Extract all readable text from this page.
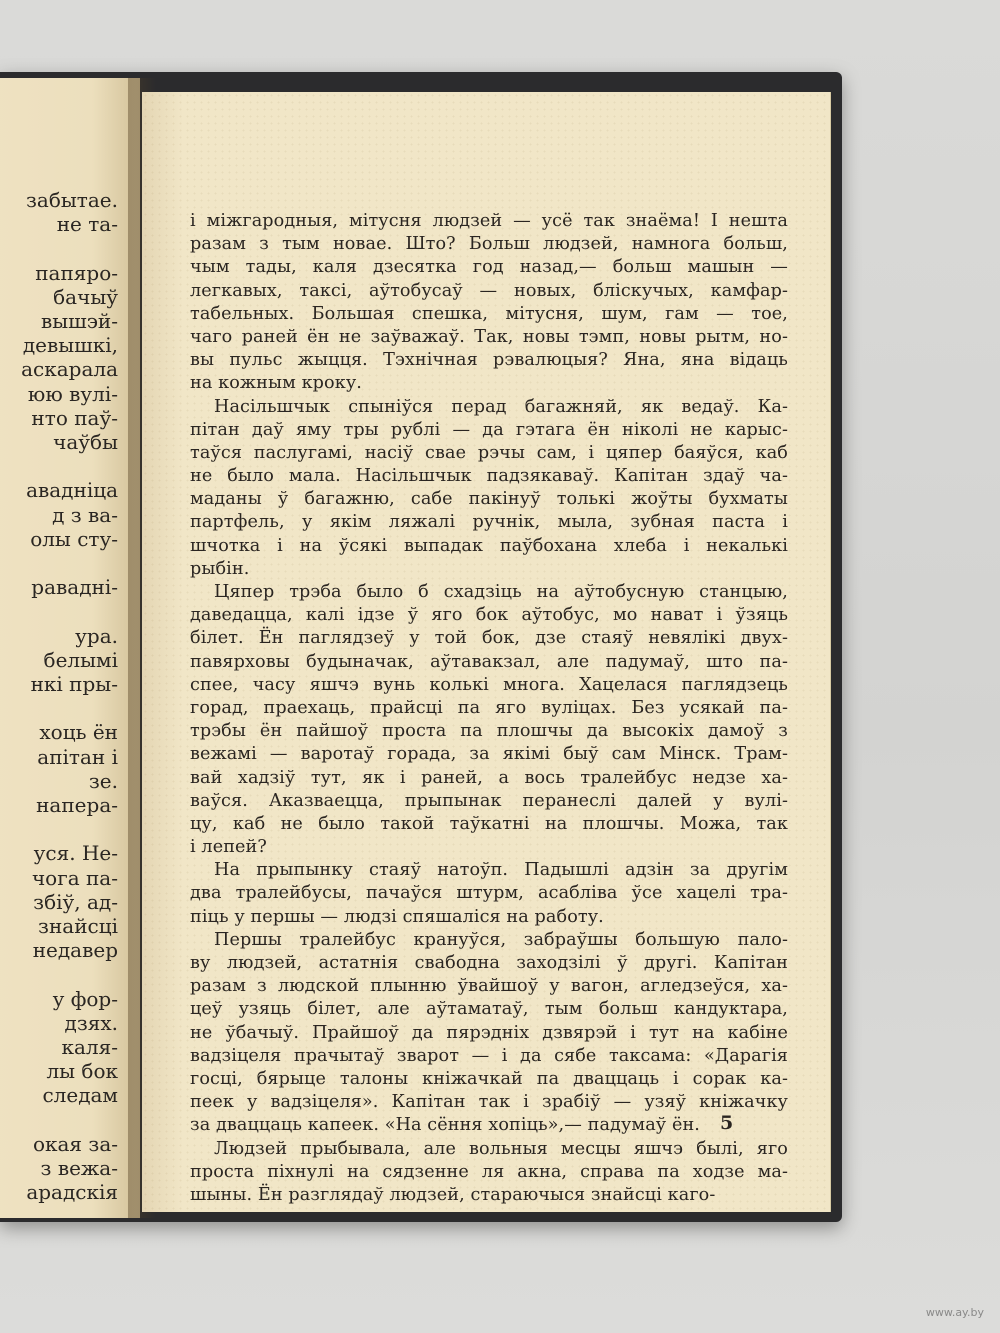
забытае.
не та-
папяро-
бачыў
вышэй-
девышкі,
аскарала
юю вулі-
нто паў-
чаўбы
авадніца
д з ва-
олы сту-
равадні-
ура.
белымі
нкі пры-
хоць ён
апітан і
зе.
напера-
уся. Не-
чога па-
збіў, ад-
знайсці
недавер
у фор-
дзях.
каля-
лы бок
следам
окая за-
з вежа-
арадскія
і міжгародныя, мітусня людзей — усё так знаёма! І нешта
разам з тым новае. Што? Больш людзей, намнога больш,
чым тады, каля дзесятка год назад,— больш машын —
легкавых, таксі, аўтобусаў — новых, бліскучых, камфар-
табельных. Большая спешка, мітусня, шум, гам — тое,
чаго раней ён не заўважаў. Так, новы тэмп, новы рытм, но-
вы пульс жыцця. Тэхнічная рэвалюцыя? Яна, яна відаць
на кожным кроку.
Насільшчык спыніўся перад багажняй, як ведаў. Ка-
пітан даў яму тры рублі — да гэтага ён ніколі не карыс-
таўся паслугамі, насіў свае рэчы сам, і цяпер баяўся, каб
не было мала. Насільшчык падзякаваў. Капітан здаў ча-
маданы ў багажню, сабе пакінуў толькі жоўты бухматы
партфель, у якім ляжалі ручнік, мыла, зубная паста і
шчотка і на ўсякі выпадак паўбохана хлеба і некалькі
рыбін.
Цяпер трэба было б схадзіць на аўтобусную станцыю,
даведацца, калі ідзе ў яго бок аўтобус, мо нават і ўзяць
білет. Ён паглядзеў у той бок, дзе стаяў невялікі двух-
павярховы будыначак, аўтавакзал, але падумаў, што па-
спее, часу яшчэ вунь колькі многа. Хацелася паглядзець
горад, праехаць, прайсці па яго вуліцах. Без усякай па-
трэбы ён пайшоў проста па плошчы да высокіх дамоў з
вежамі — варотаў горада, за якімі быў сам Мінск. Трам-
вай хадзіў тут, як і раней, а вось тралейбус недзе ха-
ваўся. Аказваецца, прыпынак перанеслі далей у вулі-
цу, каб не было такой таўкатні на плошчы. Можа, так
і лепей?
На прыпынку стаяў натоўп. Падышлі адзін за другім
два тралейбусы, пачаўся штурм, асабліва ўсе хацелі тра-
піць у першы — людзі спяшаліся на работу.
Першы тралейбус крануўся, забраўшы большую пало-
ву людзей, астатнія свабодна заходзілі ў другі. Капітан
разам з людской плынню ўвайшоў у вагон, агледзеўся, ха-
цеў узяць білет, але аўтаматаў, тым больш кандуктара,
не ўбачыў. Прайшоў да пярэдніх дзвярэй і тут на кабіне
вадзіцеля прачытаў зварот — і да сябе таксама: «Дарагія
госці, бярыце талоны кніжачкай па дваццаць і сорак ка-
пеек у вадзіцеля». Капітан так і зрабіў — узяў кніжачку
за дваццаць капеек. «На сёння хопіць»,— падумаў ён.
Людзей прыбывала, але вольныя месцы яшчэ былі, яго
проста піхнулі на сядзенне ля акна, справа па ходзе ма-
шыны. Ён разглядаў людзей, стараючыся знайсці каго-
5
www.ay.by
